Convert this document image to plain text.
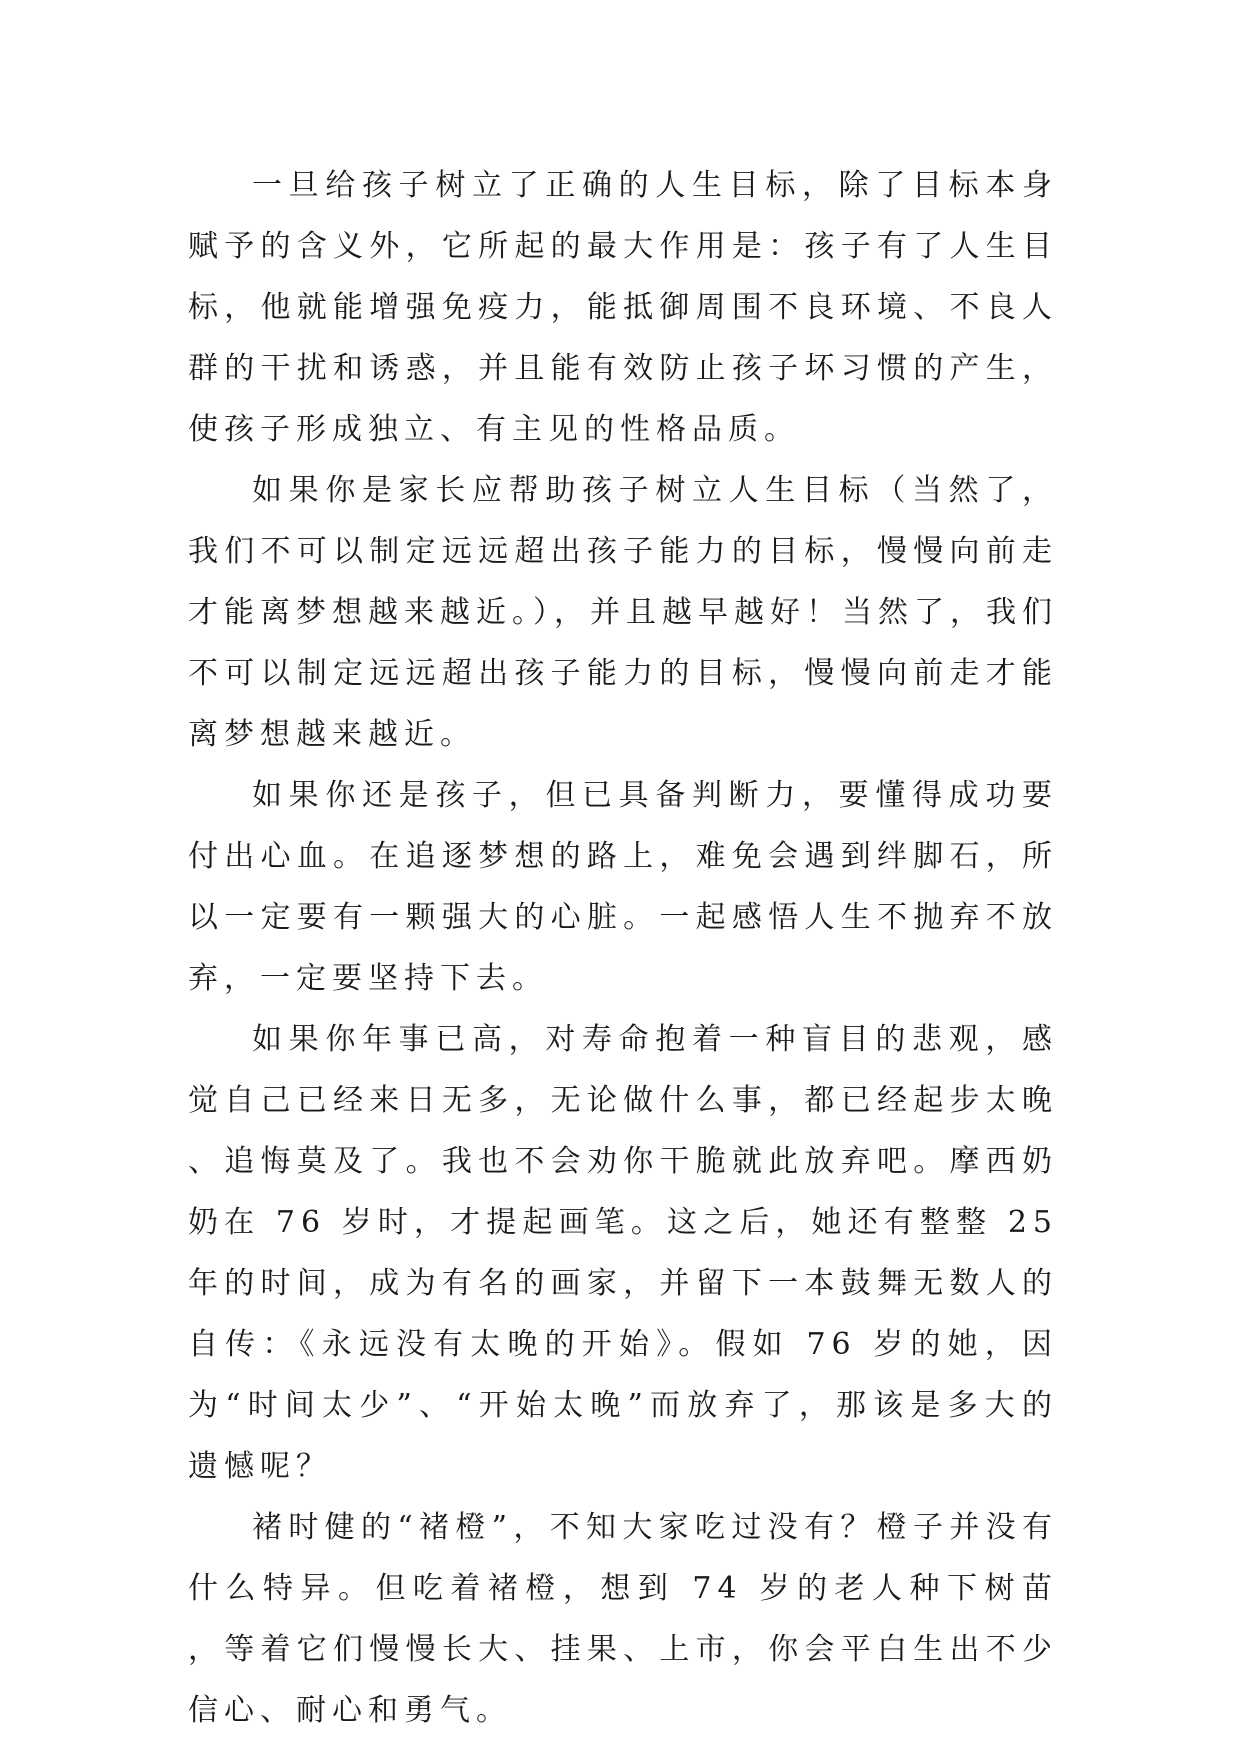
一旦给孩子树立了正确的人生目标，除了目标本身赋予的含义外，它所起的最大作用是：孩子有了人生目标，他就能增强免疫力，能抵御周围不良环境、不良人群的干扰和诱惑，并且能有效防止孩子坏习惯的产生，使孩子形成独立、有主见的性格品质。

如果你是家长应帮助孩子树立人生目标（当然了，我们不可以制定远远超出孩子能力的目标，慢慢向前走才能离梦想越来越近。），并且越早越好！当然了，我们不可以制定远远超出孩子能力的目标，慢慢向前走才能离梦想越来越近。

如果你还是孩子，但已具备判断力，要懂得成功要付出心血。在追逐梦想的路上，难免会遇到绊脚石，所以一定要有一颗强大的心脏。一起感悟人生不抛弃不放弃，一定要坚持下去。

如果你年事已高，对寿命抱着一种盲目的悲观，感觉自己已经来日无多，无论做什么事，都已经起步太晚、追悔莫及了。我也不会劝你干脆就此放弃吧。摩西奶奶在 76 岁时，才提起画笔。这之后，她还有整整 25 年的时间，成为有名的画家，并留下一本鼓舞无数人的自传：《永远没有太晚的开始》。假如 76 岁的她，因为“时间太少”、“开始太晚”而放弃了，那该是多大的遗憾呢？

褚时健的“褚橙”，不知大家吃过没有？橙子并没有什么特异。但吃着褚橙，想到 74 岁的老人种下树苗，等着它们慢慢长大、挂果、上市，你会平白生出不少信心、耐心和勇气。
